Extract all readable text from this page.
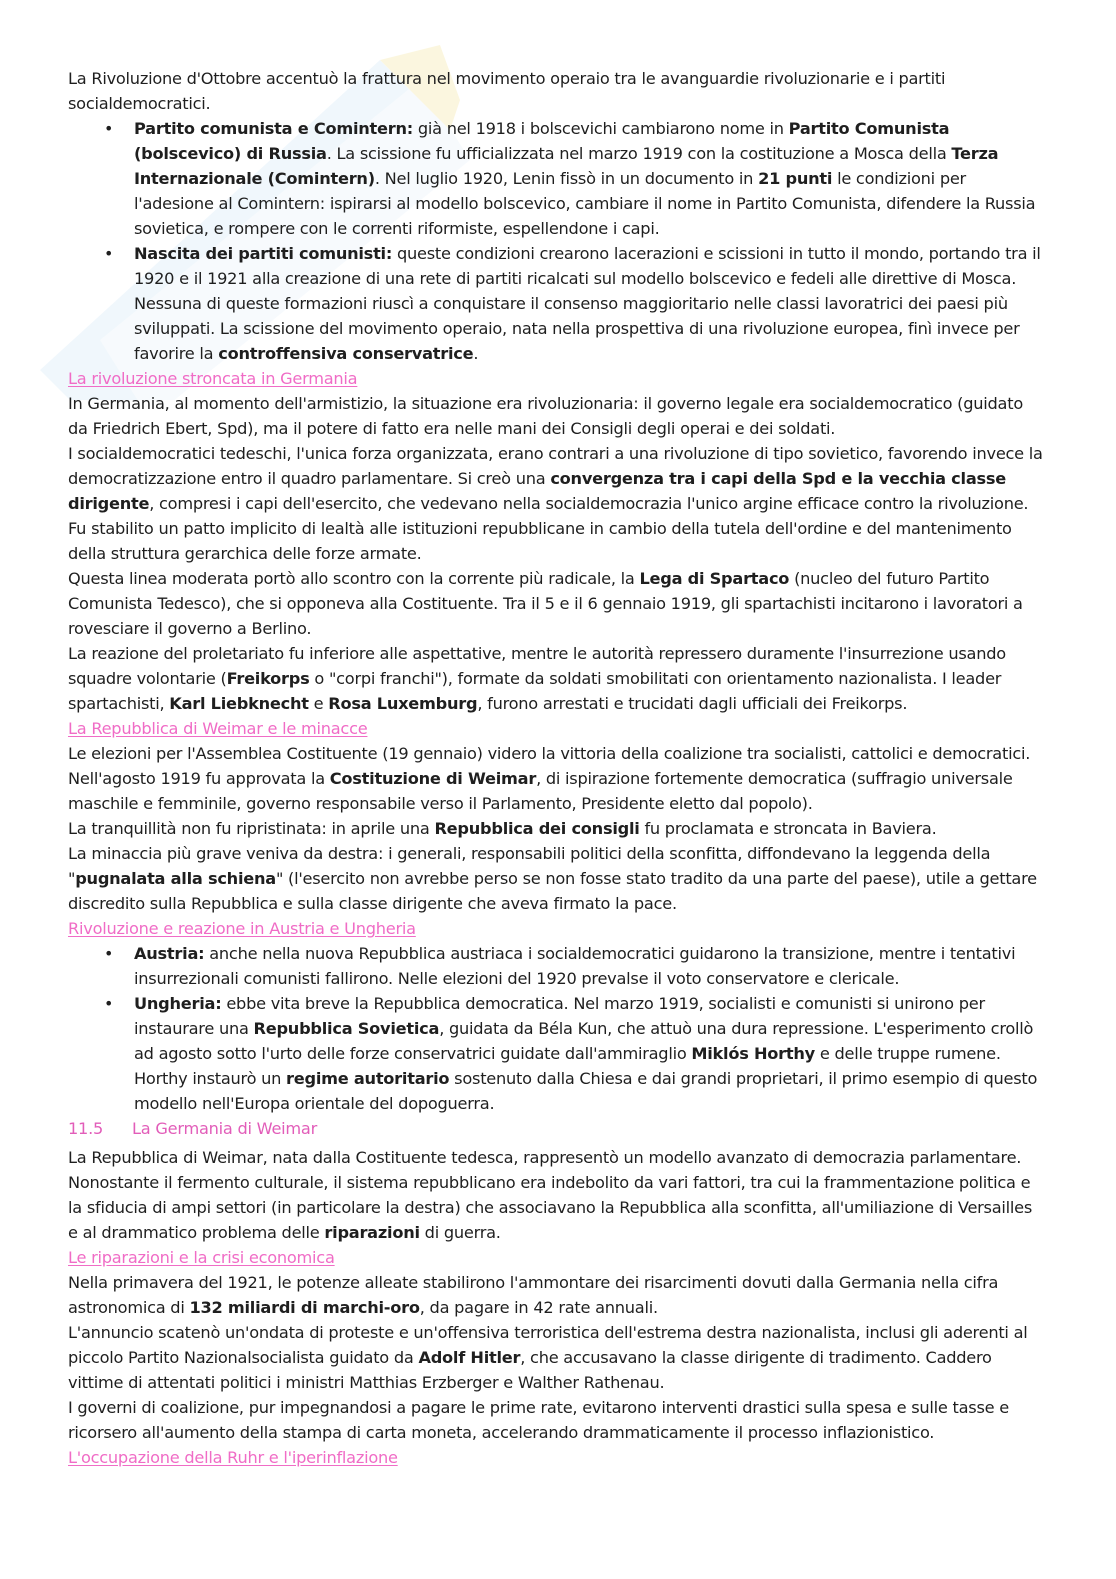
La Rivoluzione d'Ottobre accentuò la frattura nel movimento operaio tra le avanguardie rivoluzionarie e i partiti socialdemocratici.

• Partito comunista e Comintern: già nel 1918 i bolscevichi cambiarono nome in Partito Comunista (bolscevico) di Russia. La scissione fu ufficializzata nel marzo 1919 con la costituzione a Mosca della Terza Internazionale (Comintern). Nel luglio 1920, Lenin fissò in un documento in 21 punti le condizioni per l'adesione al Comintern: ispirarsi al modello bolscevico, cambiare il nome in Partito Comunista, difendere la Russia sovietica, e rompere con le correnti riformiste, espellendone i capi.
• Nascita dei partiti comunisti: queste condizioni crearono lacerazioni e scissioni in tutto il mondo, portando tra il 1920 e il 1921 alla creazione di una rete di partiti ricalcati sul modello bolscevico e fedeli alle direttive di Mosca. Nessuna di queste formazioni riuscì a conquistare il consenso maggioritario nelle classi lavoratrici dei paesi più sviluppati. La scissione del movimento operaio, nata nella prospettiva di una rivoluzione europea, finì invece per favorire la controffensiva conservatrice.

La rivoluzione stroncata in Germania

In Germania, al momento dell'armistizio, la situazione era rivoluzionaria: il governo legale era socialdemocratico (guidato da Friedrich Ebert, Spd), ma il potere di fatto era nelle mani dei Consigli degli operai e dei soldati.

I socialdemocratici tedeschi, l'unica forza organizzata, erano contrari a una rivoluzione di tipo sovietico, favorendo invece la democratizzazione entro il quadro parlamentare. Si creò una convergenza tra i capi della Spd e la vecchia classe dirigente, compresi i capi dell'esercito, che vedevano nella socialdemocrazia l'unico argine efficace contro la rivoluzione. Fu stabilito un patto implicito di lealtà alle istituzioni repubblicane in cambio della tutela dell'ordine e del mantenimento della struttura gerarchica delle forze armate.

Questa linea moderata portò allo scontro con la corrente più radicale, la Lega di Spartaco (nucleo del futuro Partito Comunista Tedesco), che si opponeva alla Costituente. Tra il 5 e il 6 gennaio 1919, gli spartachisti incitarono i lavoratori a rovesciare il governo a Berlino.

La reazione del proletariato fu inferiore alle aspettative, mentre le autorità repressero duramente l'insurrezione usando squadre volontarie (Freikorps o "corpi franchi"), formate da soldati smobilitati con orientamento nazionalista. I leader spartachisti, Karl Liebknecht e Rosa Luxemburg, furono arrestati e trucidati dagli ufficiali dei Freikorps.

La Repubblica di Weimar e le minacce

Le elezioni per l'Assemblea Costituente (19 gennaio) videro la vittoria della coalizione tra socialisti, cattolici e democratici. Nell'agosto 1919 fu approvata la Costituzione di Weimar, di ispirazione fortemente democratica (suffragio universale maschile e femminile, governo responsabile verso il Parlamento, Presidente eletto dal popolo).

La tranquillità non fu ripristinata: in aprile una Repubblica dei consigli fu proclamata e stroncata in Baviera.

La minaccia più grave veniva da destra: i generali, responsabili politici della sconfitta, diffondevano la leggenda della "pugnalata alla schiena" (l'esercito non avrebbe perso se non fosse stato tradito da una parte del paese), utile a gettare discredito sulla Repubblica e sulla classe dirigente che aveva firmato la pace.

Rivoluzione e reazione in Austria e Ungheria

• Austria: anche nella nuova Repubblica austriaca i socialdemocratici guidarono la transizione, mentre i tentativi insurrezionali comunisti fallirono. Nelle elezioni del 1920 prevalse il voto conservatore e clericale.
• Ungheria: ebbe vita breve la Repubblica democratica. Nel marzo 1919, socialisti e comunisti si unirono per instaurare una Repubblica Sovietica, guidata da Béla Kun, che attuò una dura repressione. L'esperimento crollò ad agosto sotto l'urto delle forze conservatrici guidate dall'ammiraglio Miklós Horthy e delle truppe rumene. Horthy instaurò un regime autoritario sostenuto dalla Chiesa e dai grandi proprietari, il primo esempio di questo modello nell'Europa orientale del dopoguerra.

11.5 La Germania di Weimar

La Repubblica di Weimar, nata dalla Costituente tedesca, rappresentò un modello avanzato di democrazia parlamentare. Nonostante il fermento culturale, il sistema repubblicano era indebolito da vari fattori, tra cui la frammentazione politica e la sfiducia di ampi settori (in particolare la destra) che associavano la Repubblica alla sconfitta, all'umiliazione di Versailles e al drammatico problema delle riparazioni di guerra.

Le riparazioni e la crisi economica

Nella primavera del 1921, le potenze alleate stabilirono l'ammontare dei risarcimenti dovuti dalla Germania nella cifra astronomica di 132 miliardi di marchi-oro, da pagare in 42 rate annuali.

L'annuncio scatenò un'ondata di proteste e un'offensiva terroristica dell'estrema destra nazionalista, inclusi gli aderenti al piccolo Partito Nazionalsocialista guidato da Adolf Hitler, che accusavano la classe dirigente di tradimento. Caddero vittime di attentati politici i ministri Matthias Erzberger e Walther Rathenau.

I governi di coalizione, pur impegnandosi a pagare le prime rate, evitarono interventi drastici sulla spesa e sulle tasse e ricorsero all'aumento della stampa di carta moneta, accelerando drammaticamente il processo inflazionistico.

L'occupazione della Ruhr e l'iperinflazione
